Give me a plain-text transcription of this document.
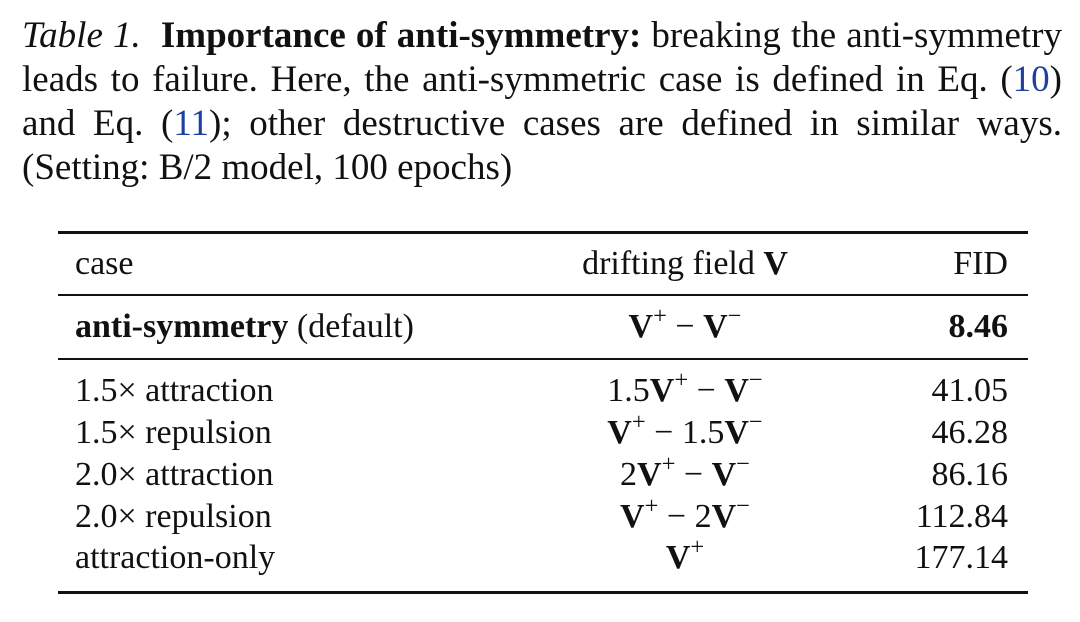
Table 1. Importance of anti-symmetry: breaking the anti-symmetry leads to failure. Here, the anti-symmetric case is defined in Eq. (10) and Eq. (11); other destructive cases are defined in similar ways. (Setting: B/2 model, 100 epochs)
case	drifting field V	FID
anti-symmetry (default)	V+ − V−	8.46
1.5× attraction	1.5V+ − V−	41.05
1.5× repulsion	V+ − 1.5V−	46.28
2.0× attraction	2V+ − V−	86.16
2.0× repulsion	V+ − 2V−	112.84
attraction-only	V+	177.14
